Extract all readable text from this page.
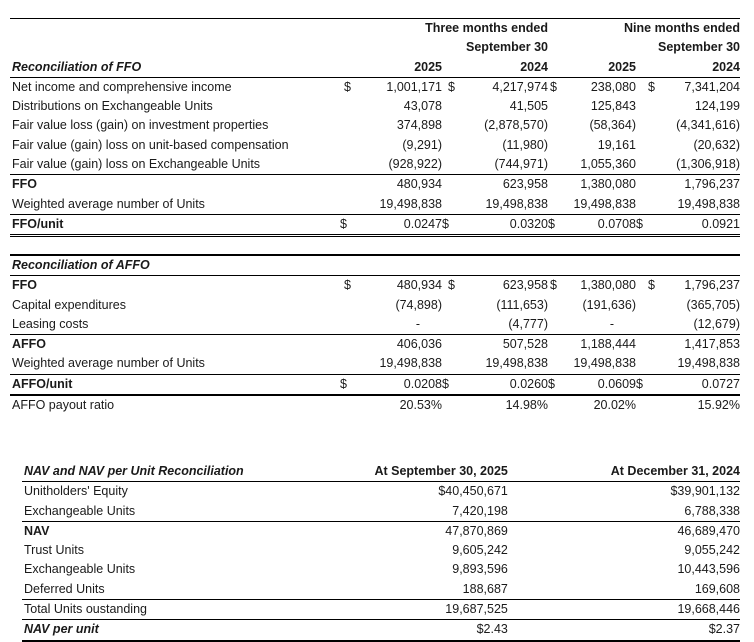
	Three months ended				Nine months ended			
	September 30				September 30			
Reconciliation of FFO		2025		2024		2025		2024
Net income and comprehensive income	$	1,001,171	$	4,217,974	$	238,080	$	7,341,204
Distributions on Exchangeable Units		43,078		41,505		125,843		124,199
Fair value loss (gain) on investment properties		374,898		(2,878,570)		(58,364)		(4,341,616)
Fair value (gain) loss on unit-based compensation		(9,291)		(11,980)		19,161		(20,632)
Fair value (gain) loss on Exchangeable Units		(928,922)		(744,971)		1,055,360		(1,306,918)
FFO		480,934		623,958		1,380,080		1,796,237
Weighted average number of Units		19,498,838		19,498,838		19,498,838		19,498,838
FFO/unit	$	0.0247	$	0.0320	$	0.0708	$	0.0921
Reconciliation of AFFO								
FFO	$	480,934	$	623,958	$	1,380,080	$	1,796,237
Capital expenditures		(74,898)		(111,653)		(191,636)		(365,705)
Leasing costs		-		(4,777)		-		(12,679)
AFFO		406,036		507,528		1,188,444		1,417,853
Weighted average number of Units		19,498,838		19,498,838		19,498,838		19,498,838
AFFO/unit	$	0.0208	$	0.0260	$	0.0609	$	0.0727
AFFO payout ratio		20.53%		14.98%		20.02%		15.92%
NAV and NAV per Unit Reconciliation	At September 30, 2025	At December 31, 2024
Unitholders' Equity	$40,450,671	$39,901,132
Exchangeable Units	7,420,198	6,788,338
NAV	47,870,869	46,689,470
Trust Units	9,605,242	9,055,242
Exchangeable Units	9,893,596	10,443,596
Deferred Units	188,687	169,608
Total Units oustanding	19,687,525	19,668,446
NAV per unit	$2.43	$2.37
